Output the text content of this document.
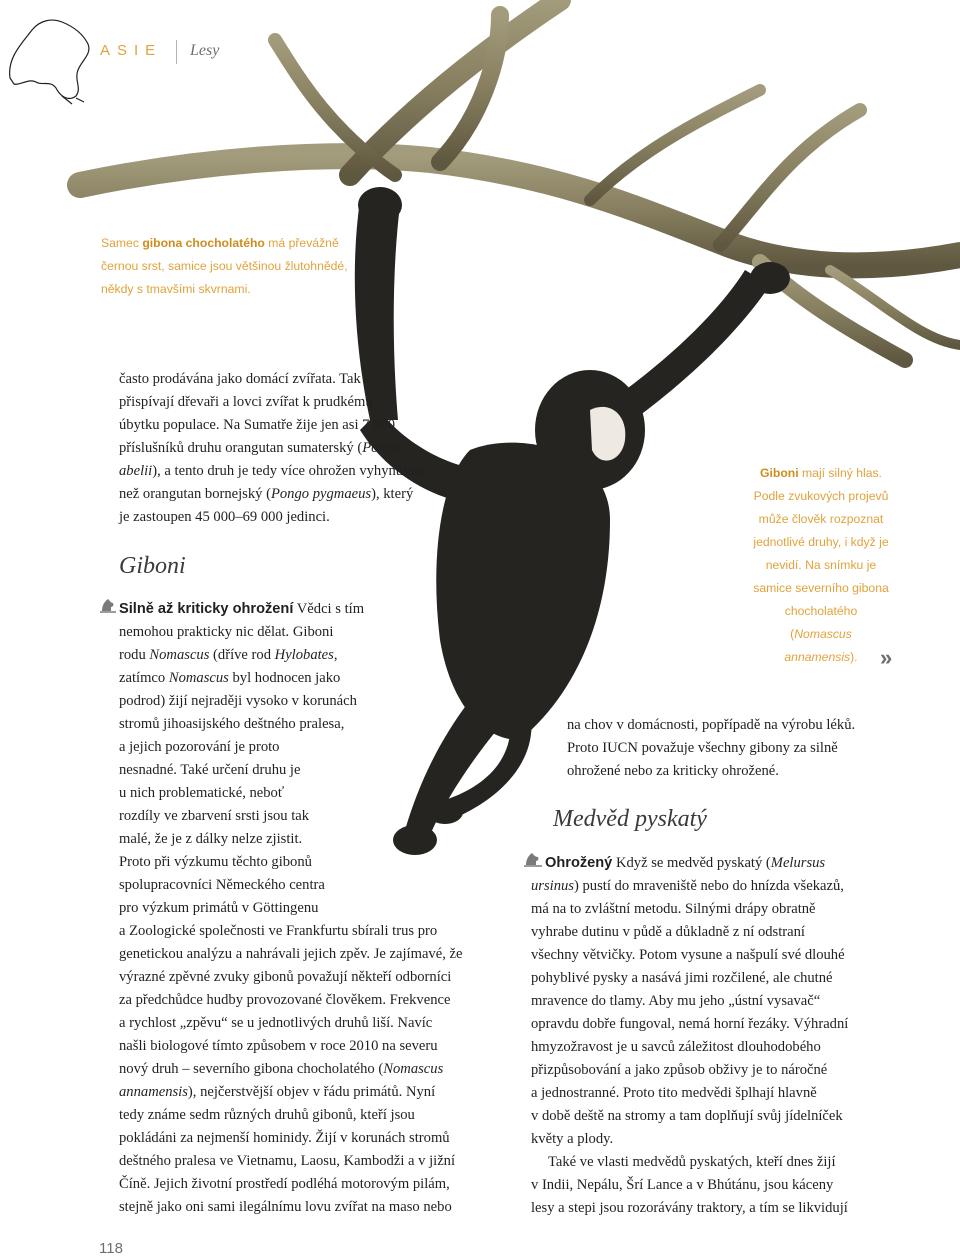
ASIE Lesy
Samec gibona chocholatého má převážně
černou srst, samice jsou většinou žlutohnědé,
někdy s tmavšími skvrnami.
Giboni mají silný hlas.
Podle zvukových projevů
může člověk rozpoznat
jednotlivé druhy, i když je
nevidí. Na snímku je
samice severního gibona
chocholatého
(Nomascus
annamensis).	»
často prodávána jako domácí zvířata. Tak
přispívají dřevaři a lovci zvířat k prudkému
úbytku populace. Na Sumatře žije jen asi 7 000
příslušníků druhu orangutan sumaterský (Pongo
abelii), a tento druh je tedy více ohrožen vyhynutím
než orangutan bornejský (Pongo pygmaeus), který
je zastoupen 45 000–69 000 jedinci.
Giboni
Silně až kriticky ohrožení Vědci s tím
nemohou prakticky nic dělat. Giboni
rodu Nomascus (dříve rod Hylobates,
zatímco Nomascus byl hodnocen jako
podrod) žijí nejraději vysoko v korunách
stromů jihoasijského deštného pralesa,
a jejich pozorování je proto
nesnadné. Také určení druhu je
u nich problematické, neboť
rozdíly ve zbarvení srsti jsou tak
malé, že je z dálky nelze zjistit.
Proto při výzkumu těchto gibonů
spolupracovníci Německého centra
pro výzkum primátů v Göttingenu
a Zoologické společnosti ve Frankfurtu sbírali trus pro
genetickou analýzu a nahrávali jejich zpěv. Je zajímavé, že
výrazné zpěvné zvuky gibonů považují někteří odborníci
za předchůdce hudby provozované člověkem. Frekvence
a rychlost „zpěvu“ se u jednotlivých druhů liší. Navíc
našli biologové tímto způsobem v roce 2010 na severu
nový druh – severního gibona chocholatého (Nomascus
annamensis), nejčerstvější objev v řádu primátů. Nyní
tedy známe sedm různých druhů gibonů, kteří jsou
pokládáni za nejmenší hominidy. Žijí v korunách stromů
deštného pralesa ve Vietnamu, Laosu, Kambodži a v jižní
Číně. Jejich životní prostředí podléhá motorovým pilám,
stejně jako oni sami ilegálnímu lovu zvířat na maso nebo
na chov v domácnosti, popřípadě na výrobu léků.
Proto IUCN považuje všechny gibony za silně
ohrožené nebo za kriticky ohrožené.
Medvěd pyskatý
Ohrožený Když se medvěd pyskatý (Melursus
ursinus) pustí do mraveniště nebo do hnízda všekazů,
má na to zvláštní metodu. Silnými drápy obratně
vyhrabe dutinu v půdě a důkladně z ní odstraní
všechny větvičky. Potom vysune a našpulí své dlouhé
pohyblivé pysky a nasává jimi rozčilené, ale chutné
mravence do tlamy. Aby mu jeho „ústní vysavač“
opravdu dobře fungoval, nemá horní řezáky. Výhradní
hmyzožravost je u savců záležitost dlouhodobého
přizpůsobování a jako způsob obživy je to náročné
a jednostranné. Proto tito medvědi šplhají hlavně
v době deště na stromy a tam doplňují svůj jídelníček
květy a plody.
Také ve vlasti medvědů pyskatých, kteří dnes žijí
v Indii, Nepálu, Šrí Lance a v Bhútánu, jsou káceny
lesy a stepi jsou rozorávány traktory, a tím se likvidují
118
